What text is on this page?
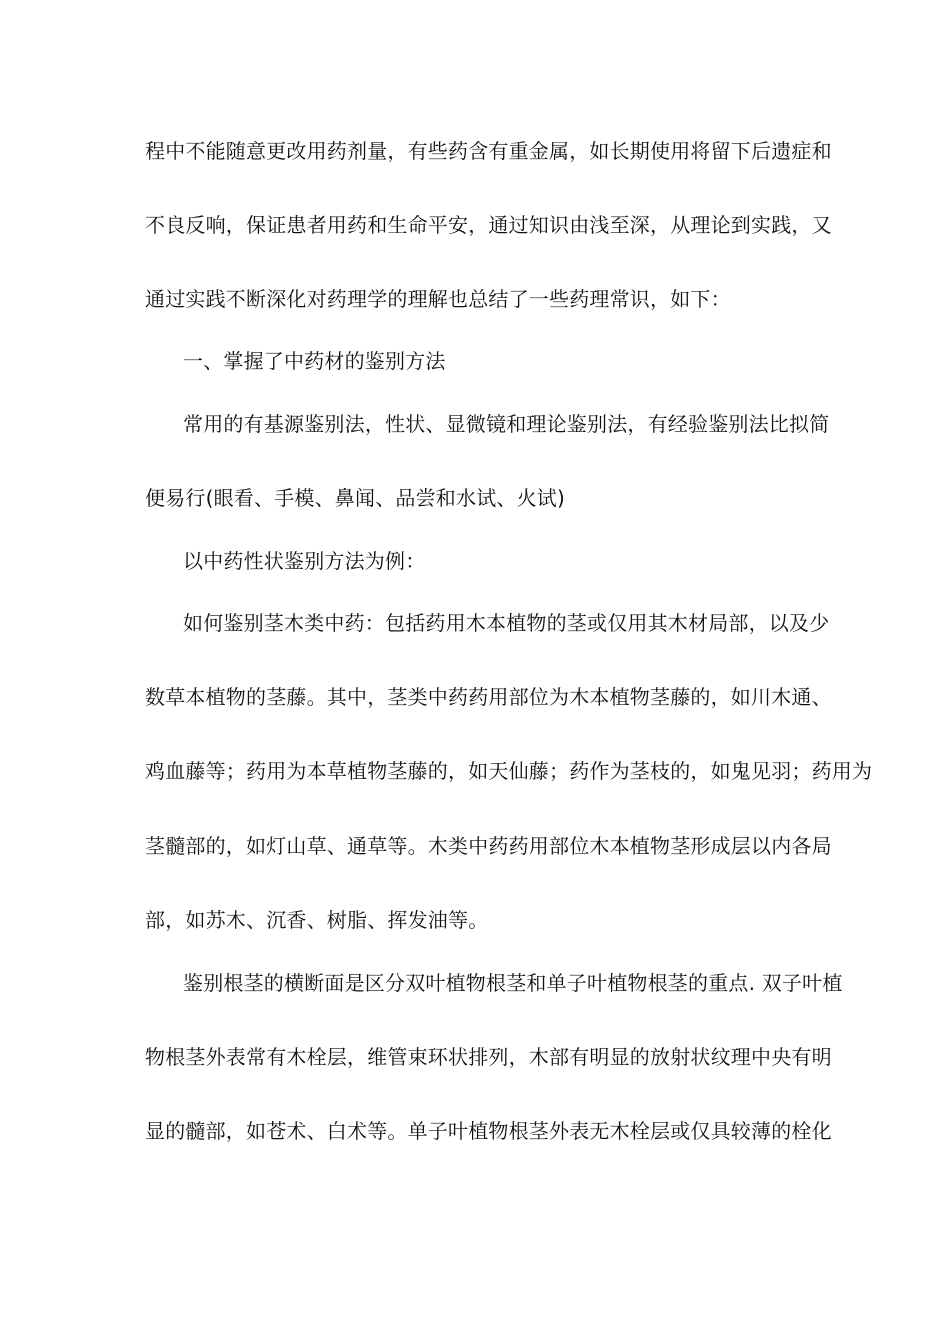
程中不能随意更改用药剂量，有些药含有重金属，如长期使用将留下后遗症和
不良反响，保证患者用药和生命平安，通过知识由浅至深，从理论到实践，又
通过实践不断深化对药理学的理解也总结了一些药理常识，如下：
一、掌握了中药材的鉴别方法
常用的有基源鉴别法，性状、显微镜和理论鉴别法，有经验鉴别法比拟简
便易行(眼看、手模、鼻闻、品尝和水试、火试)
以中药性状鉴别方法为例：
如何鉴别茎木类中药：包括药用木本植物的茎或仅用其木材局部，以及少
数草本植物的茎藤。其中，茎类中药药用部位为木本植物茎藤的，如川木通、
鸡血藤等；药用为本草植物茎藤的，如天仙藤；药作为茎枝的，如鬼见羽；药用为
茎髓部的，如灯山草、通草等。木类中药药用部位木本植物茎形成层以内各局
部，如苏木、沉香、树脂、挥发油等。
鉴别根茎的横断面是区分双叶植物根茎和单子叶植物根茎的重点. 双子叶植
物根茎外表常有木栓层，维管束环状排列，木部有明显的放射状纹理中央有明
显的髓部，如苍术、白术等。单子叶植物根茎外表无木栓层或仅具较薄的栓化
